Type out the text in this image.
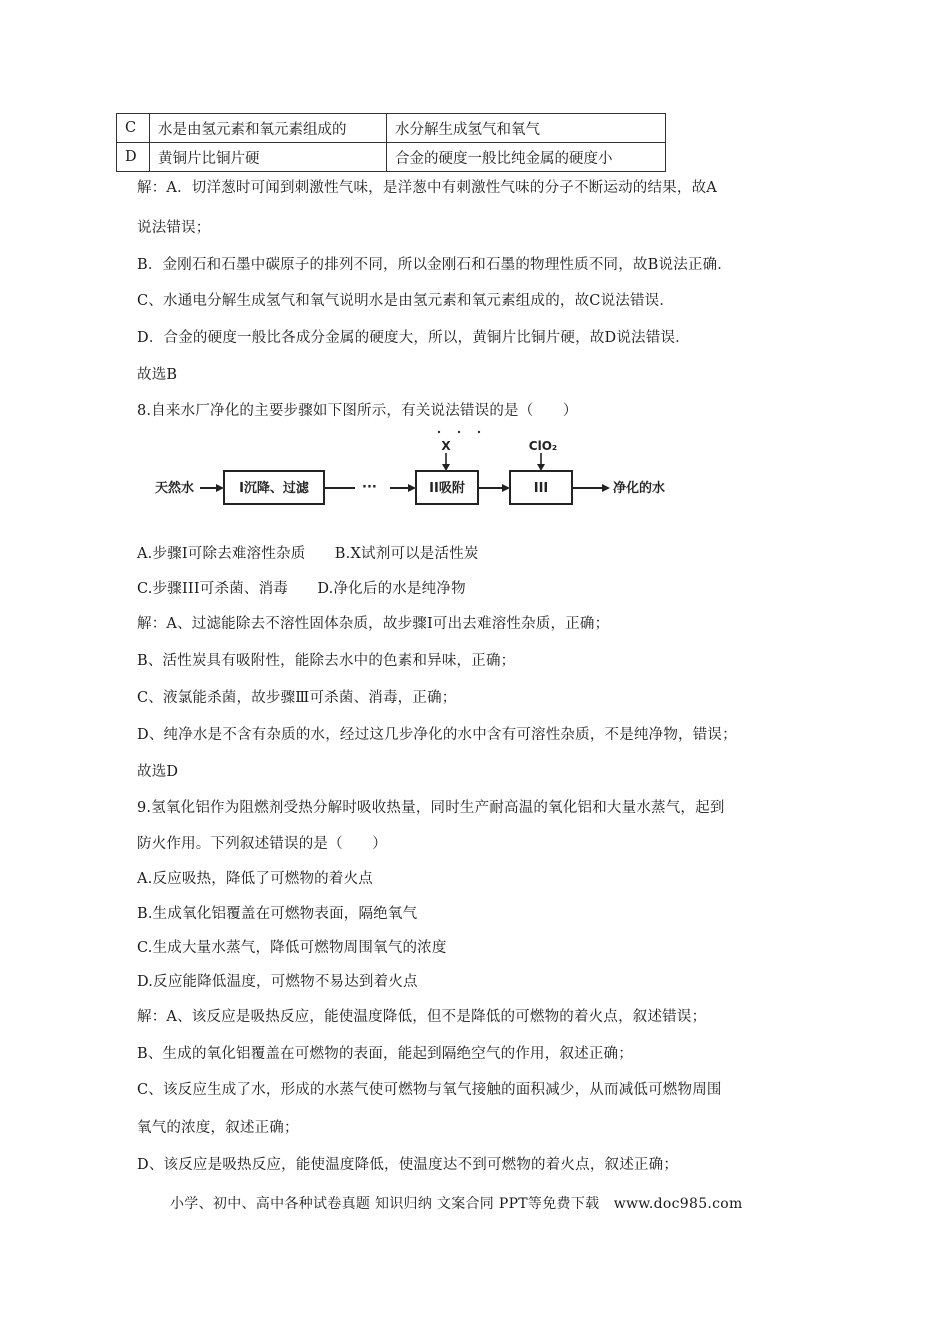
C	水是由氢元素和氧元素组成的	水分解生成氢气和氧气
D	黄铜片比铜片硬	合金的硬度一般比纯金属的硬度小
解：A．切洋葱时可闻到刺激性气味，是洋葱中有刺激性气味的分子不断运动的结果，故A
说法错误；
B．金刚石和石墨中碳原子的排列不同，所以金刚石和石墨的物理性质不同，故B说法正确．
C、水通电分解生成氢气和氧气说明水是由氢元素和氧元素组成的，故C说法错误．
D．合金的硬度一般比各成分金属的硬度大，所以，黄铜片比铜片硬，故D说法错误．
故选B
8.自来水厂净化的主要步骤如下图所示，有关说法错误的是（　　）
天然水	I沉降、过滤	···	II吸附
X
III
ClO₂
净化的水
A.步骤I可除去难溶性杂质　　B.X试剂可以是活性炭
C.步骤III可杀菌、消毒　　D.净化后的水是纯净物
解：A、过滤能除去不溶性固体杂质，故步骤Ⅰ可出去难溶性杂质，正确；
B、活性炭具有吸附性，能除去水中的色素和异味，正确；
C、液氯能杀菌，故步骤Ⅲ可杀菌、消毒，正确；
D、纯净水是不含有杂质的水，经过这几步净化的水中含有可溶性杂质，不是纯净物，错误；
故选D
9.氢氧化铝作为阻燃剂受热分解时吸收热量，同时生产耐高温的氧化铝和大量水蒸气，起到
防火作用。下列叙述错误的是（　　）
A.反应吸热，降低了可燃物的着火点
B.生成氧化铝覆盖在可燃物表面，隔绝氧气
C.生成大量水蒸气，降低可燃物周围氧气的浓度
D.反应能降低温度，可燃物不易达到着火点
解：A、该反应是吸热反应，能使温度降低，但不是降低的可燃物的着火点，叙述错误；
B、生成的氧化铝覆盖在可燃物的表面，能起到隔绝空气的作用，叙述正确；
C、该反应生成了水，形成的水蒸气使可燃物与氧气接触的面积减少，从而减低可燃物周围
氧气的浓度，叙述正确；
D、该反应是吸热反应，能使温度降低，使温度达不到可燃物的着火点，叙述正确；
小学、初中、高中各种试卷真题 知识归纳 文案合同 PPT等免费下载　www.doc985.com
